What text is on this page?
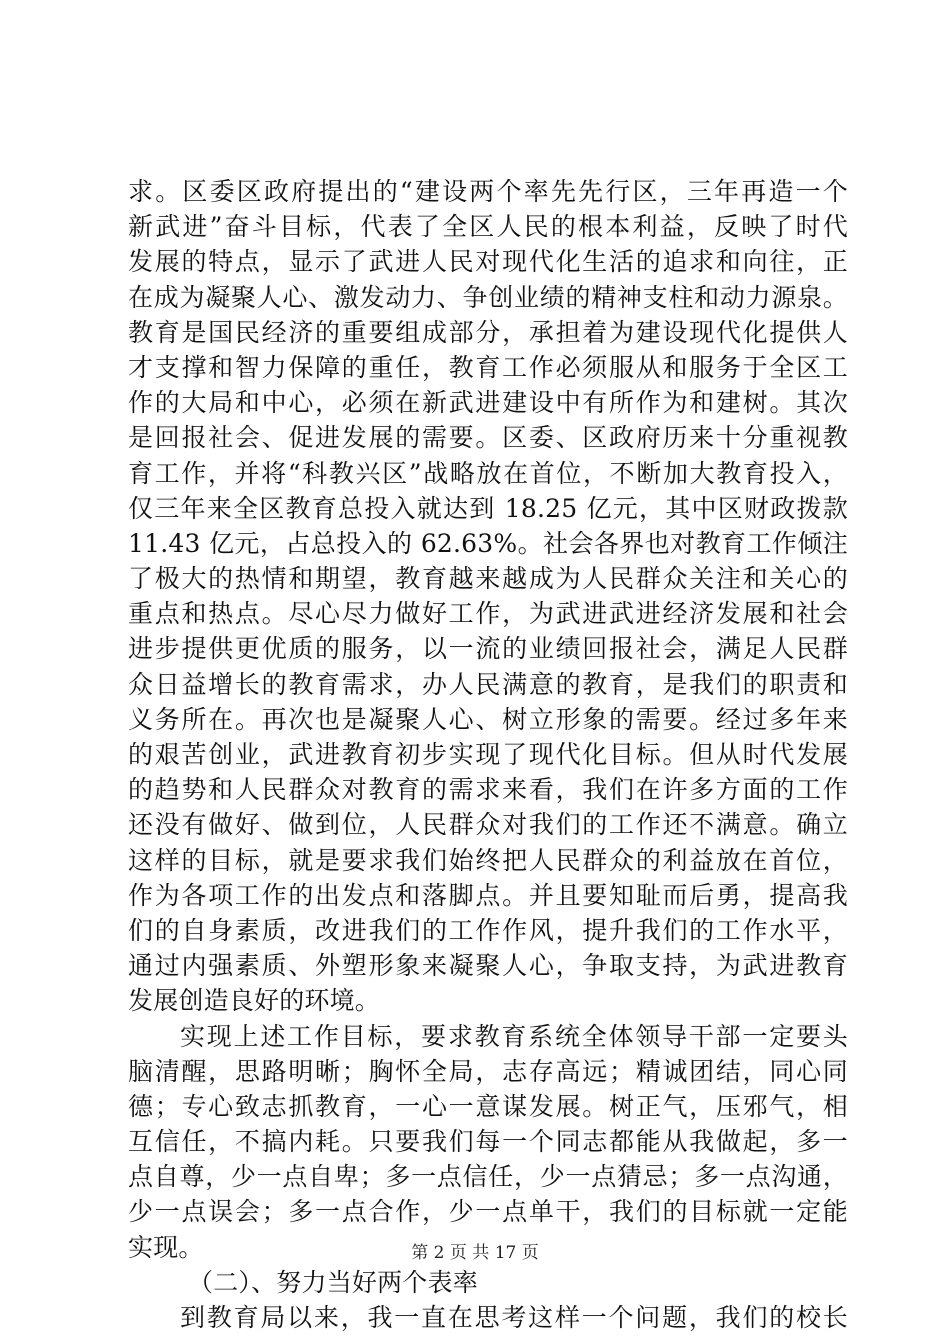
求。区委区政府提出的“建设两个率先先行区，三年再造一个
新武进”奋斗目标，代表了全区人民的根本利益，反映了时代
发展的特点，显示了武进人民对现代化生活的追求和向往，正
在成为凝聚人心、激发动力、争创业绩的精神支柱和动力源泉。
教育是国民经济的重要组成部分，承担着为建设现代化提供人
才支撑和智力保障的重任，教育工作必须服从和服务于全区工
作的大局和中心，必须在新武进建设中有所作为和建树。其次
是回报社会、促进发展的需要。区委、区政府历来十分重视教
育工作，并将“科教兴区”战略放在首位，不断加大教育投入，
仅三年来全区教育总投入就达到 18.25 亿元，其中区财政拨款
11.43 亿元，占总投入的 62.63%。社会各界也对教育工作倾注
了极大的热情和期望，教育越来越成为人民群众关注和关心的
重点和热点。尽心尽力做好工作，为武进武进经济发展和社会
进步提供更优质的服务，以一流的业绩回报社会，满足人民群
众日益增长的教育需求，办人民满意的教育，是我们的职责和
义务所在。再次也是凝聚人心、树立形象的需要。经过多年来
的艰苦创业，武进教育初步实现了现代化目标。但从时代发展
的趋势和人民群众对教育的需求来看，我们在许多方面的工作
还没有做好、做到位，人民群众对我们的工作还不满意。确立
这样的目标，就是要求我们始终把人民群众的利益放在首位，
作为各项工作的出发点和落脚点。并且要知耻而后勇，提高我
们的自身素质，改进我们的工作作风，提升我们的工作水平，
通过内强素质、外塑形象来凝聚人心，争取支持，为武进教育
发展创造良好的环境。
实现上述工作目标，要求教育系统全体领导干部一定要头
脑清醒，思路明晰；胸怀全局，志存高远；精诚团结，同心同
德；专心致志抓教育，一心一意谋发展。树正气，压邪气，相
互信任，不搞内耗。只要我们每一个同志都能从我做起，多一
点自尊，少一点自卑；多一点信任，少一点猜忌；多一点沟通，
少一点误会；多一点合作，少一点单干，我们的目标就一定能
实现。
（二）、努力当好两个表率
到教育局以来，我一直在思考这样一个问题，我们的校长
第 2 页 共 17 页
